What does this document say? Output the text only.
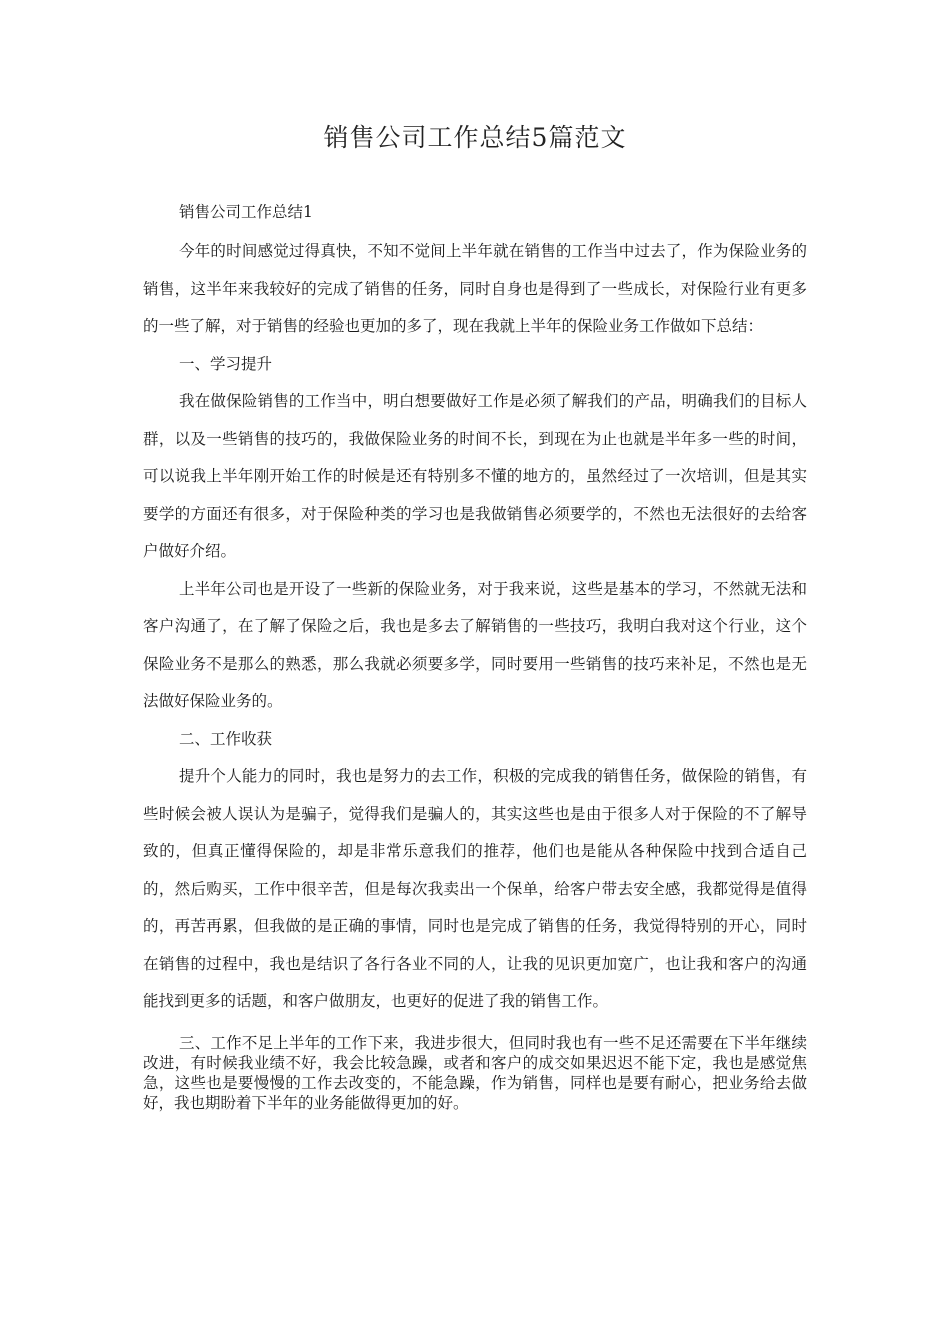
销售公司工作总结5篇范文

销售公司工作总结1

今年的时间感觉过得真快，不知不觉间上半年就在销售的工作当中过去了，作为保险业务的销售，这半年来我较好的完成了销售的任务，同时自身也是得到了一些成长，对保险行业有更多的一些了解，对于销售的经验也更加的多了，现在我就上半年的保险业务工作做如下总结：

一、学习提升

我在做保险销售的工作当中，明白想要做好工作是必须了解我们的产品，明确我们的目标人群，以及一些销售的技巧的，我做保险业务的时间不长，到现在为止也就是半年多一些的时间，可以说我上半年刚开始工作的时候是还有特别多不懂的地方的，虽然经过了一次培训，但是其实要学的方面还有很多，对于保险种类的学习也是我做销售必须要学的，不然也无法很好的去给客户做好介绍。

上半年公司也是开设了一些新的保险业务，对于我来说，这些是基本的学习，不然就无法和客户沟通了，在了解了保险之后，我也是多去了解销售的一些技巧，我明白我对这个行业，这个保险业务不是那么的熟悉，那么我就必须要多学，同时要用一些销售的技巧来补足，不然也是无法做好保险业务的。

二、工作收获

提升个人能力的同时，我也是努力的去工作，积极的完成我的销售任务，做保险的销售，有些时候会被人误认为是骗子，觉得我们是骗人的，其实这些也是由于很多人对于保险的不了解导致的，但真正懂得保险的，却是非常乐意我们的推荐，他们也是能从各种保险中找到合适自己的，然后购买，工作中很辛苦，但是每次我卖出一个保单，给客户带去安全感，我都觉得是值得的，再苦再累，但我做的是正确的事情，同时也是完成了销售的任务，我觉得特别的开心，同时在销售的过程中，我也是结识了各行各业不同的人，让我的见识更加宽广，也让我和客户的沟通能找到更多的话题，和客户做朋友，也更好的促进了我的销售工作。

三、工作不足上半年的工作下来，我进步很大，但同时我也有一些不足还需要在下半年继续改进，有时候我业绩不好，我会比较急躁，或者和客户的成交如果迟迟不能下定，我也是感觉焦急，这些也是要慢慢的工作去改变的，不能急躁，作为销售，同样也是要有耐心，把业务给去做好，我也期盼着下半年的业务能做得更加的好。
